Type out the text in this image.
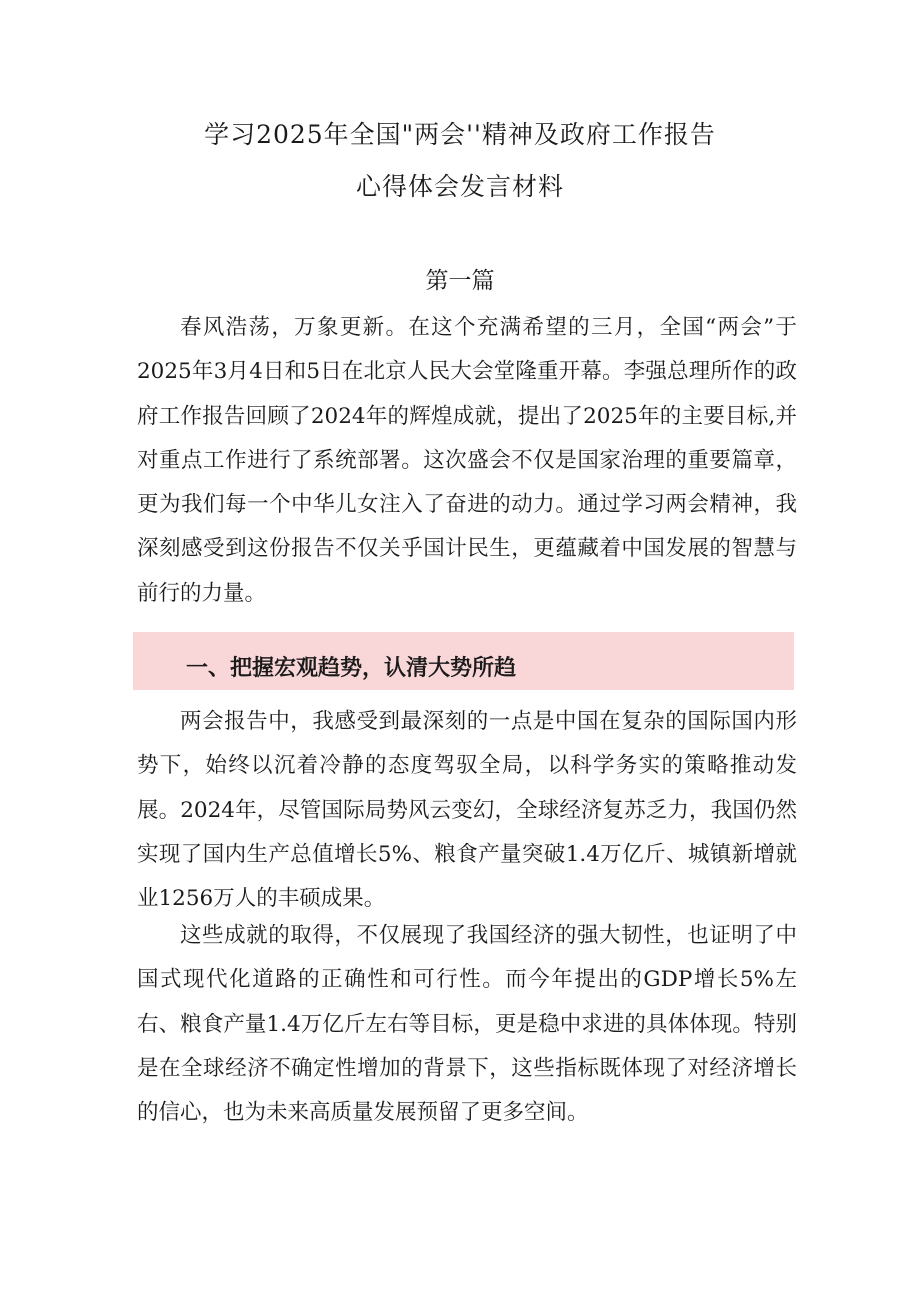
学习2025年全国"两会''精神及政府工作报告
心得体会发言材料
第一篇

春风浩荡，万象更新。在这个充满希望的三月，全国“两会”于2025年3月4日和5日在北京人民大会堂隆重开幕。李强总理所作的政府工作报告回顾了2024年的辉煌成就，提出了2025年的主要目标,并对重点工作进行了系统部署。这次盛会不仅是国家治理的重要篇章，更为我们每一个中华儿女注入了奋进的动力。通过学习两会精神，我深刻感受到这份报告不仅关乎国计民生，更蕴藏着中国发展的智慧与前行的力量。

一、把握宏观趋势，认清大势所趋

两会报告中，我感受到最深刻的一点是中国在复杂的国际国内形势下，始终以沉着冷静的态度驾驭全局，以科学务实的策略推动发展。2024年，尽管国际局势风云变幻，全球经济复苏乏力，我国仍然实现了国内生产总值增长5%、粮食产量突破1.4万亿斤、城镇新增就业1256万人的丰硕成果。

这些成就的取得，不仅展现了我国经济的强大韧性，也证明了中国式现代化道路的正确性和可行性。而今年提出的GDP增长5%左右、粮食产量1.4万亿斤左右等目标，更是稳中求进的具体体现。特别是在全球经济不确定性增加的背景下，这些指标既体现了对经济增长的信心，也为未来高质量发展预留了更多空间。
